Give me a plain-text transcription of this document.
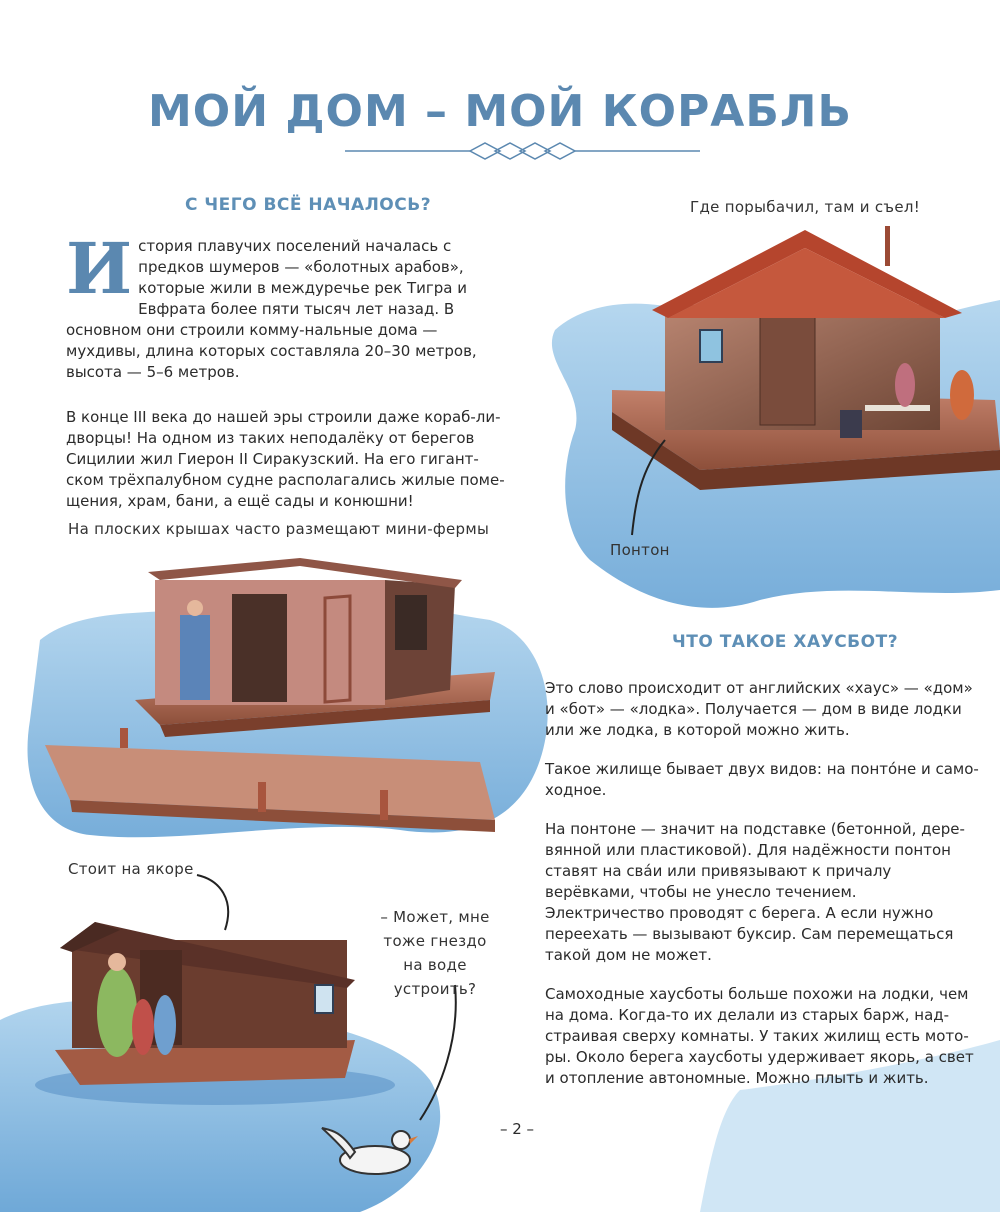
МОЙ ДОМ – МОЙ КОРАБЛЬ
С ЧЕГО ВСЁ НАЧАЛОСЬ?

И стория плавучих поселений началась с предков шумеров — «болотных арабов», которые жили в междуречье рек Тигра и Евфрата более пяти тысяч лет назад. В основном они строили комму-нальные дома — мухдивы, длина которых составляла 20–30 метров, высота — 5–6 метров.

В конце III века до нашей эры строили даже кораб-ли-дворцы! На одном из таких неподалёку от берегов Сицилии жил Гиерон II Сиракузский. На его гигант-ском трёхпалубном судне располагались жилые поме-щения, храм, бани, а ещё сады и конюшни!

Где порыбачил, там и съел!
Понтон
На плоских крышах часто размещают мини-фермы
Стоит на якоре
– Может, мне
тоже гнездо
на воде устроить?
ЧТО ТАКОЕ ХАУСБОТ?

Это слово происходит от английских «хаус» — «дом» и «бот» — «лодка». Получается — дом в виде лодки или же лодка, в которой можно жить.

Такое жилище бывает двух видов: на понто́не и само-ходное.

На понтоне — значит на подставке (бетонной, дере-вянной или пластиковой). Для надёжности понтон ставят на сва́и или привязывают к причалу верёвками, чтобы не унесло течением. Электричество проводят с берега. А если нужно переехать — вызывают буксир. Сам перемещаться такой дом не может.

Самоходные хаусботы больше похожи на лодки, чем на дома. Когда-то их делали из старых барж, над-страивая сверху комнаты. У таких жилищ есть мото-ры. Около берега хаусботы удерживает якорь, а свет и отопление автономные. Можно плыть и жить.

– 2 –
